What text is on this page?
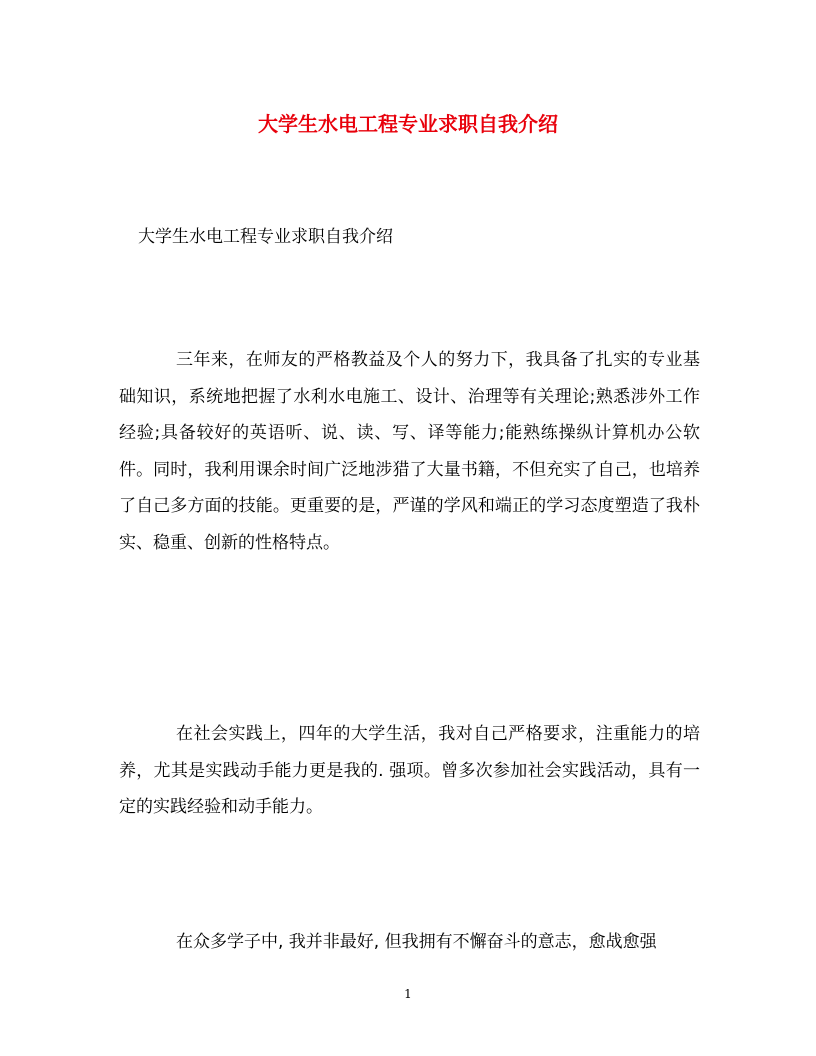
大学生水电工程专业求职自我介绍
大学生水电工程专业求职自我介绍

三年来，在师友的严格教益及个人的努力下，我具备了扎实的专业基础知识，系统地把握了水利水电施工、设计、治理等有关理论;熟悉涉外工作经验;具备较好的英语听、说、读、写、译等能力;能熟练操纵计算机办公软件。同时，我利用课余时间广泛地涉猎了大量书籍，不但充实了自己，也培养了自己多方面的技能。更重要的是，严谨的学风和端正的学习态度塑造了我朴实、稳重、创新的性格特点。

在社会实践上，四年的大学生活，我对自己严格要求，注重能力的培养，尤其是实践动手能力更是我的. 强项。曾多次参加社会实践活动，具有一定的实践经验和动手能力。

在众多学子中, 我并非最好, 但我拥有不懈奋斗的意志，愈战愈强

1
